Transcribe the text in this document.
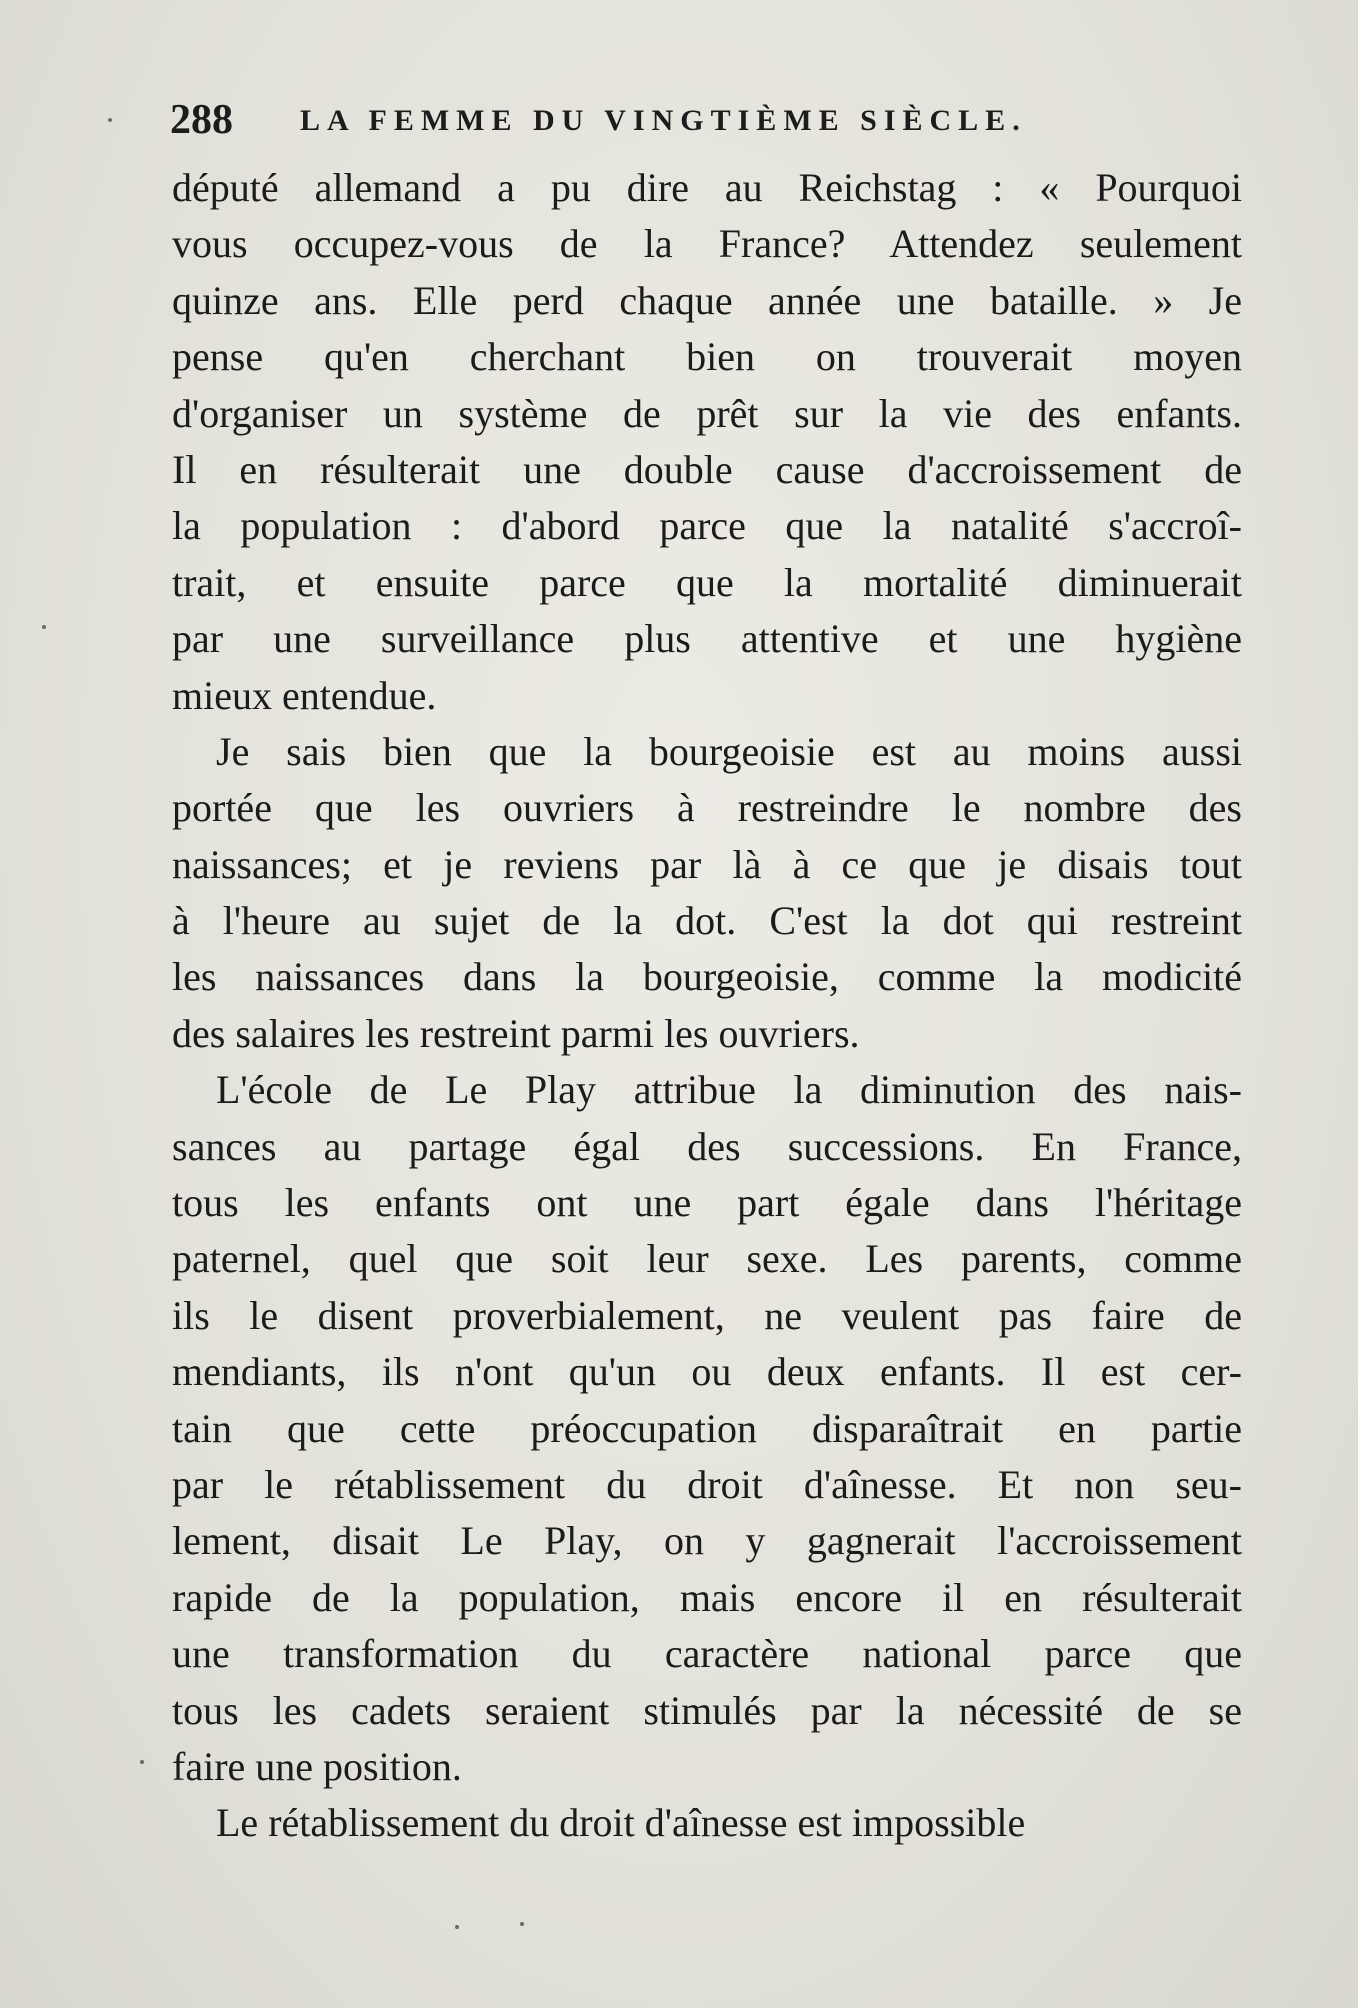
288 LA FEMME DU VINGTIÈME SIÈCLE.
député allemand a pu dire au Reichstag : « Pourquoi
vous occupez-vous de la France? Attendez seulement
quinze ans. Elle perd chaque année une bataille. » Je
pense qu'en cherchant bien on trouverait moyen
d'organiser un système de prêt sur la vie des enfants.
Il en résulterait une double cause d'accroissement de
la population : d'abord parce que la natalité s'accroî-
trait, et ensuite parce que la mortalité diminuerait
par une surveillance plus attentive et une hygiène
mieux entendue.
Je sais bien que la bourgeoisie est au moins aussi
portée que les ouvriers à restreindre le nombre des
naissances; et je reviens par là à ce que je disais tout
à l'heure au sujet de la dot. C'est la dot qui restreint
les naissances dans la bourgeoisie, comme la modicité
des salaires les restreint parmi les ouvriers.
L'école de Le Play attribue la diminution des nais-
sances au partage égal des successions. En France,
tous les enfants ont une part égale dans l'héritage
paternel, quel que soit leur sexe. Les parents, comme
ils le disent proverbialement, ne veulent pas faire de
mendiants, ils n'ont qu'un ou deux enfants. Il est cer-
tain que cette préoccupation disparaîtrait en partie
par le rétablissement du droit d'aînesse. Et non seu-
lement, disait Le Play, on y gagnerait l'accroissement
rapide de la population, mais encore il en résulterait
une transformation du caractère national parce que
tous les cadets seraient stimulés par la nécessité de se
faire une position.
Le rétablissement du droit d'aînesse est impossible
